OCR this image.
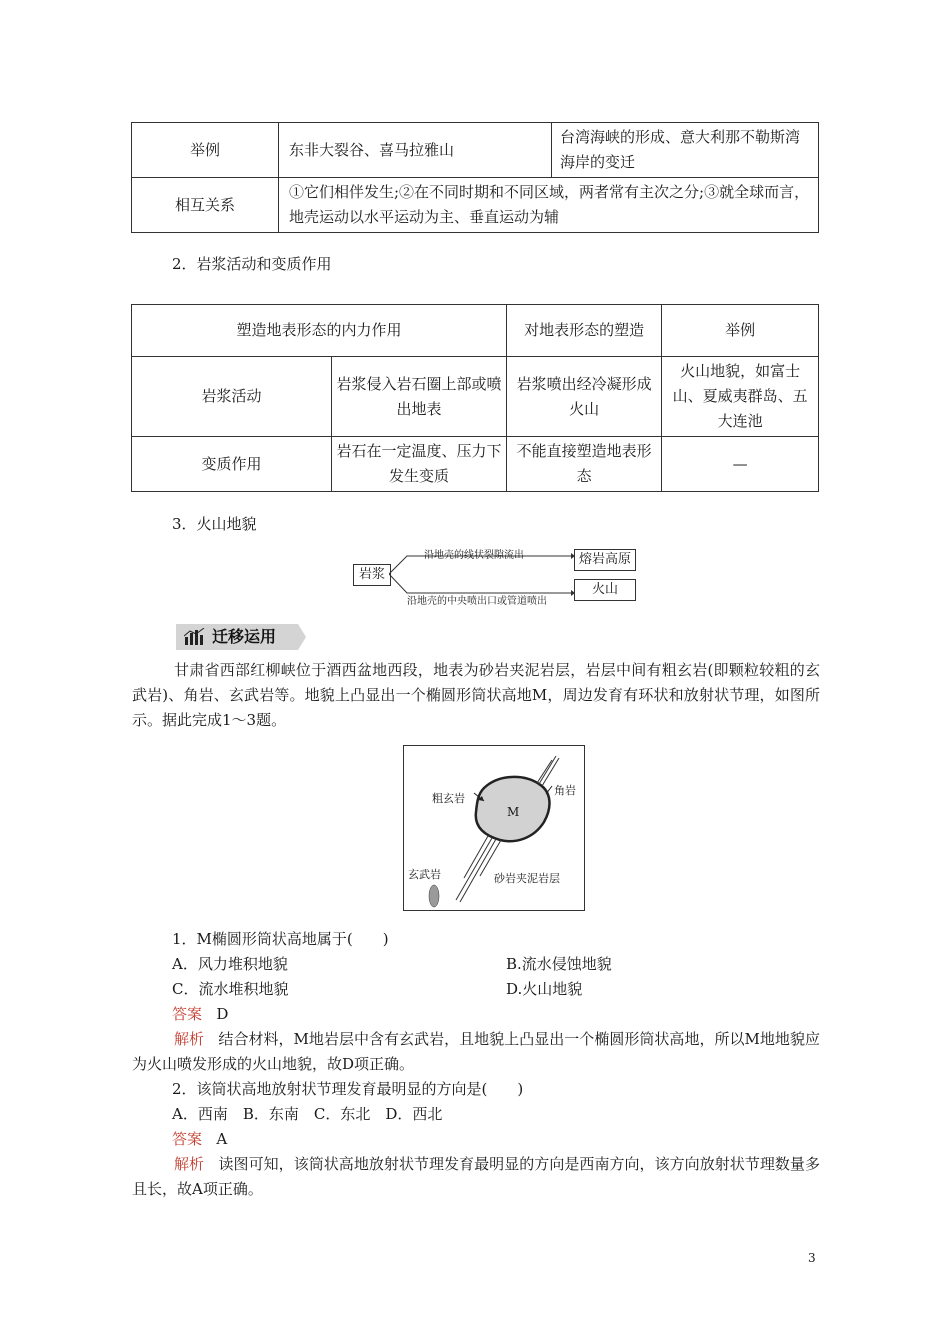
举例	东非大裂谷、喜马拉雅山	台湾海峡的形成、意大利那不勒斯湾海岸的变迁
相互关系	①它们相伴发生;②在不同时期和不同区域，两者常有主次之分;③就全球而言，地壳运动以水平运动为主、垂直运动为辅	
2．岩浆活动和变质作用
塑造地表形态的内力作用		对地表形态的塑造	举例
岩浆活动	岩浆侵入岩石圈上部或喷出地表	岩浆喷出经冷凝形成火山	火山地貌，如富士山、夏威夷群岛、五大连池
变质作用	岩石在一定温度、压力下发生变质	不能直接塑造地表形态	—
3．火山地貌
岩浆
沿地壳的线状裂隙流出
沿地壳的中央喷出口或管道喷出
熔岩高原
火山
迁移运用
甘肃省西部红柳峡位于酒西盆地西段，地表为砂岩夹泥岩层，岩层中间有粗玄岩(即颗粒较粗的玄武岩)、角岩、玄武岩等。地貌上凸显出一个椭圆形筒状高地M，周边发育有环状和放射状节理，如图所示。据此完成1～3题。
M
粗玄岩
角岩
玄武岩	砂岩夹泥岩层
1．M椭圆形筒状高地属于(　　)
A．风力堆积地貌	B.流水侵蚀地貌
C．流水堆积地貌	D.火山地貌
答案 D
解析 结合材料，M地岩层中含有玄武岩，且地貌上凸显出一个椭圆形筒状高地，所以M地地貌应为火山喷发形成的火山地貌，故D项正确。
2．该筒状高地放射状节理发育最明显的方向是(　　)
A．西南　B．东南　C．东北　D．西北
答案 A
解析 读图可知，该筒状高地放射状节理发育最明显的方向是西南方向，该方向放射状节理数量多且长，故A项正确。
3
